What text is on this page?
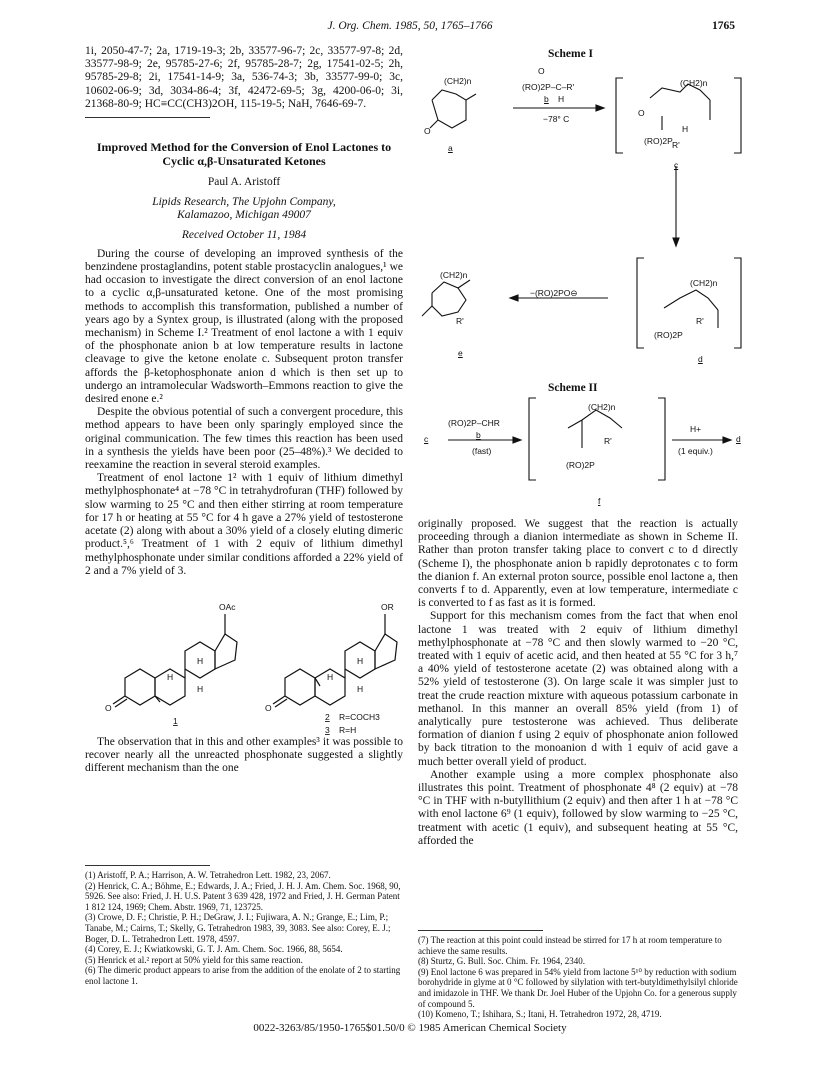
J. Org. Chem. 1985, 50, 1765–1766	1765

1i, 2050-47-7; 2a, 1719-19-3; 2b, 33577-96-7; 2c, 33577-97-8; 2d, 33577-98-9; 2e, 95785-27-6; 2f, 95785-28-7; 2g, 17541-02-5; 2h, 95785-29-8; 2i, 17541-14-9; 3a, 536-74-3; 3b, 33577-99-0; 3c, 10602-06-9; 3d, 3034-86-4; 3f, 42472-69-5; 3g, 4200-06-0; 3i, 21368-80-9; HC≡CC(CH3)2OH, 115-19-5; NaH, 7646-69-7.

Improved Method for the Conversion of Enol Lactones to Cyclic α,β-Unsaturated Ketones
Paul A. Aristoff
Lipids Research, The Upjohn Company,
Kalamazoo, Michigan 49007
Received October 11, 1984

During the course of developing an improved synthesis of the benzindene prostaglandins, potent stable prostacyclin analogues,¹ we had occasion to investigate the direct conversion of an enol lactone to a cyclic α,β-unsaturated ketone. One of the most promising methods to accomplish this transformation, published a number of years ago by a Syntex group, is illustrated (along with the proposed mechanism) in Scheme I.² Treatment of enol lactone a with 1 equiv of the phosphonate anion b at low temperature results in lactone cleavage to give the ketone enolate c. Subsequent proton transfer affords the β-ketophosphonate anion d which is then set up to undergo an intramolecular Wadsworth–Emmons reaction to give the desired enone e.²

Despite the obvious potential of such a convergent procedure, this method appears to have been only sparingly employed since the original communication. The few times this reaction has been used in a synthesis the yields have been poor (25–48%).³ We decided to reexamine the reaction in several steroid examples.

Treatment of enol lactone 1² with 1 equiv of lithium dimethyl methylphosphonate⁴ at −78 °C in tetrahydrofuran (THF) followed by slow warming to 25 °C and then either stirring at room temperature for 17 h or heating at 55 °C for 4 h gave a 27% yield of testosterone acetate (2) along with about a 30% yield of a closely eluting dimeric product.⁵,⁶ Treatment of 1 with 2 equiv of lithium dimethyl methylphosphonate under similar conditions afforded a 22% yield of 2 and a 7% yield of 3.

OAc	OR
O	O
H
H
H
H
H
H
1	2 R=COCH3
3 R=H

The observation that in this and other examples³ it was possible to recover nearly all the unreacted phosphonate suggested a slightly different mechanism than the one

(1) Aristoff, P. A.; Harrison, A. W. Tetrahedron Lett. 1982, 23, 2067.

(2) Henrick, C. A.; Böhme, E.; Edwards, J. A.; Fried, J. H. J. Am. Chem. Soc. 1968, 90, 5926. See also: Fried, J. H. U.S. Patent 3 639 428, 1972 and Fried, J. H. German Patent 1 812 124, 1969; Chem. Abstr. 1969, 71, 123725.

(3) Crowe, D. F.; Christie, P. H.; DeGraw, J. I.; Fujiwara, A. N.; Grange, E.; Lim, P.; Tanabe, M.; Cairns, T.; Skelly, G. Tetrahedron 1983, 39, 3083. See also: Corey, E. J.; Boger, D. L. Tetrahedron Lett. 1978, 4597.

(4) Corey, E. J.; Kwiatkowski, G. T. J. Am. Chem. Soc. 1966, 88, 5654.

(5) Henrick et al.² report at 50% yield for this same reaction.

(6) The dimeric product appears to arise from the addition of the enolate of 2 to starting enol lactone 1.

Scheme I
O
(RO)2P–C–R'
b H
−78° C
(CH2)n
O
a
(CH2)n
O
H
(RO)2P R'
c
−(RO)2PO⊖
(CH2)n
R'
e
(CH2)n
R'
(RO)2P
d
Scheme II
(RO)2P–CHR
b
(fast)
c
(CH2)n
R'
(RO)2P
f
H+
(1 equiv.)
d

originally proposed. We suggest that the reaction is actually proceeding through a dianion intermediate as shown in Scheme II. Rather than proton transfer taking place to convert c to d directly (Scheme I), the phosphonate anion b rapidly deprotonates c to form the dianion f. An external proton source, possible enol lactone a, then converts f to d. Apparently, even at low temperature, intermediate c is converted to f as fast as it is formed.

Support for this mechanism comes from the fact that when enol lactone 1 was treated with 2 equiv of lithium dimethyl methylphosphonate at −78 °C and then slowly warmed to −20 °C, treated with 1 equiv of acetic acid, and then heated at 55 °C for 3 h,⁷ a 40% yield of testosterone acetate (2) was obtained along with a 52% yield of testosterone (3). On large scale it was simpler just to treat the crude reaction mixture with aqueous potassium carbonate in methanol. In this manner an overall 85% yield (from 1) of analytically pure testosterone was achieved. Thus deliberate formation of dianion f using 2 equiv of phosphonate anion followed by back titration to the monoanion d with 1 equiv of acid gave a much better overall yield of product.

Another example using a more complex phosphonate also illustrates this point. Treatment of phosphonate 4⁸ (2 equiv) at −78 °C in THF with n-butyllithium (2 equiv) and then after 1 h at −78 °C with enol lactone 6⁹ (1 equiv), followed by slow warming to −25 °C, treatment with acetic (1 equiv), and subsequent heating at 55 °C, afforded the

(7) The reaction at this point could instead be stirred for 17 h at room temperature to achieve the same results.

(8) Sturtz, G. Bull. Soc. Chim. Fr. 1964, 2340.

(9) Enol lactone 6 was prepared in 54% yield from lactone 5¹⁰ by reduction with sodium borohydride in glyme at 0 °C followed by silylation with tert-butyldimethylsilyl chloride and imidazole in THF. We thank Dr. Joel Huber of the Upjohn Co. for a generous supply of compound 5.

(10) Komeno, T.; Ishihara, S.; Itani, H. Tetrahedron 1972, 28, 4719.

0022-3263/85/1950-1765$01.50/0 © 1985 American Chemical Society
